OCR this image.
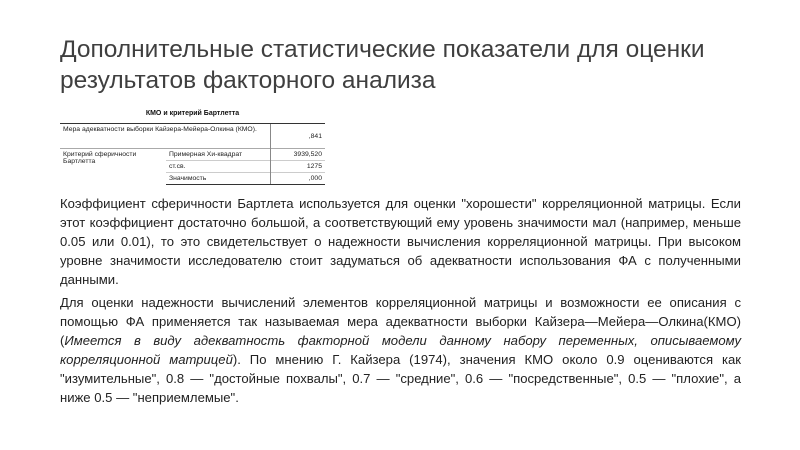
Дополнительные статистические показатели для оценки результатов факторного анализа
КМО и критерий Бартлетта
Мера адекватности выборки Кайзера-Мейера-Олкина (КМО).		,841
Критерий сферичности Бартлетта	Примерная Хи-квадрат	3939,520
	ст.св.	1275
	Значимость	,000

Коэффициент сферичности Бартлета используется для оценки "хорошести" корреляционной матрицы. Если этот коэффициент достаточно большой, а соответствующий ему уровень значимости мал (например, меньше 0.05 или 0.01), то это свидетельствует о надежности вычисления корреляционной матрицы. При высоком уровне значимости исследователю стоит задуматься об адекватности использования ФА с полученными данными.

Для оценки надежности вычислений элементов корреляционной матрицы и возможности ее описания с помощью ФА применяется так называемая мера адекватности выборки Кайзера—Мейера—Олкина(КМО) (Имеется в виду адекватность факторной модели данному набору переменных, описываемому корреляционной матрицей). По мнению Г. Кайзера (1974), значения КМО около 0.9 оцениваются как "изумительные", 0.8 — "достойные похвалы", 0.7 — "средние", 0.6 — "посредственные", 0.5 — "плохие", а ниже 0.5 — "неприемлемые".
